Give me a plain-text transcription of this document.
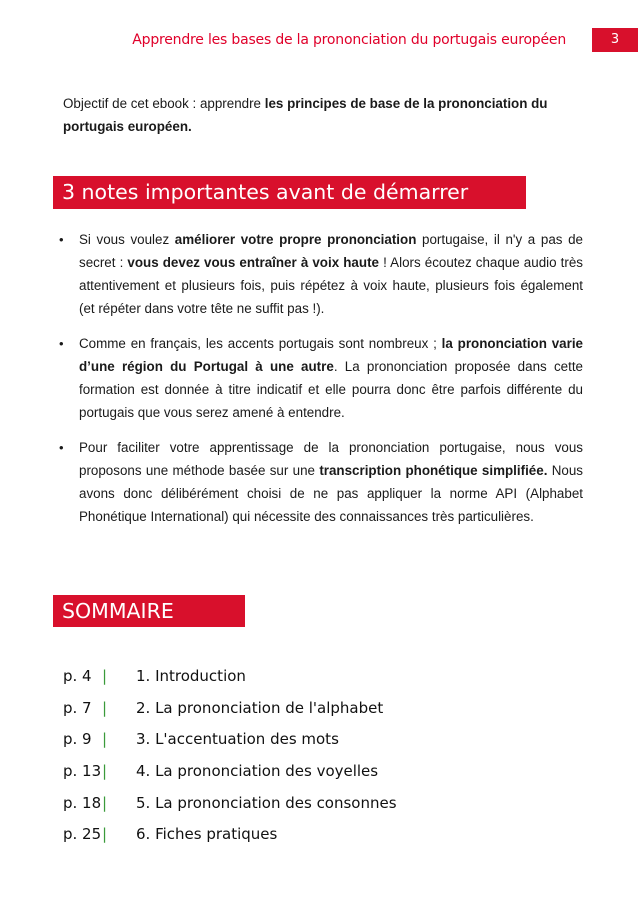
Apprendre les bases de la prononciation du portugais européen	3
Objectif de cet ebook : apprendre les principes de base de la prononciation du portugais européen.
3 notes importantes avant de démarrer
• Si vous voulez améliorer votre propre prononciation portugaise, il n'y a pas de secret : vous devez vous entraîner à voix haute ! Alors écoutez chaque audio très attentivement et plusieurs fois, puis répétez à voix haute, plusieurs fois également (et répéter dans votre tête ne suffit pas !).
• Comme en français, les accents portugais sont nombreux ; la prononciation varie d’une région du Portugal à une autre. La prononciation proposée dans cette formation est donnée à titre indicatif et elle pourra donc être parfois différente du portugais que vous serez amené à entendre.
• Pour faciliter votre apprentissage de la prononciation portugaise, nous vous proposons une méthode basée sur une transcription phonétique simplifiée. Nous avons donc délibérément choisi de ne pas appliquer la norme API (Alphabet Phonétique International) qui nécessite des connaissances très particulières.
SOMMAIRE
p. 4 |	1. Introduction
p. 7 |	2. La prononciation de l'alphabet
p. 9 |	3. L'accentuation des mots
p. 13 |	4. La prononciation des voyelles
p. 18 |	5. La prononciation des consonnes
p. 25 |	6. Fiches pratiques
